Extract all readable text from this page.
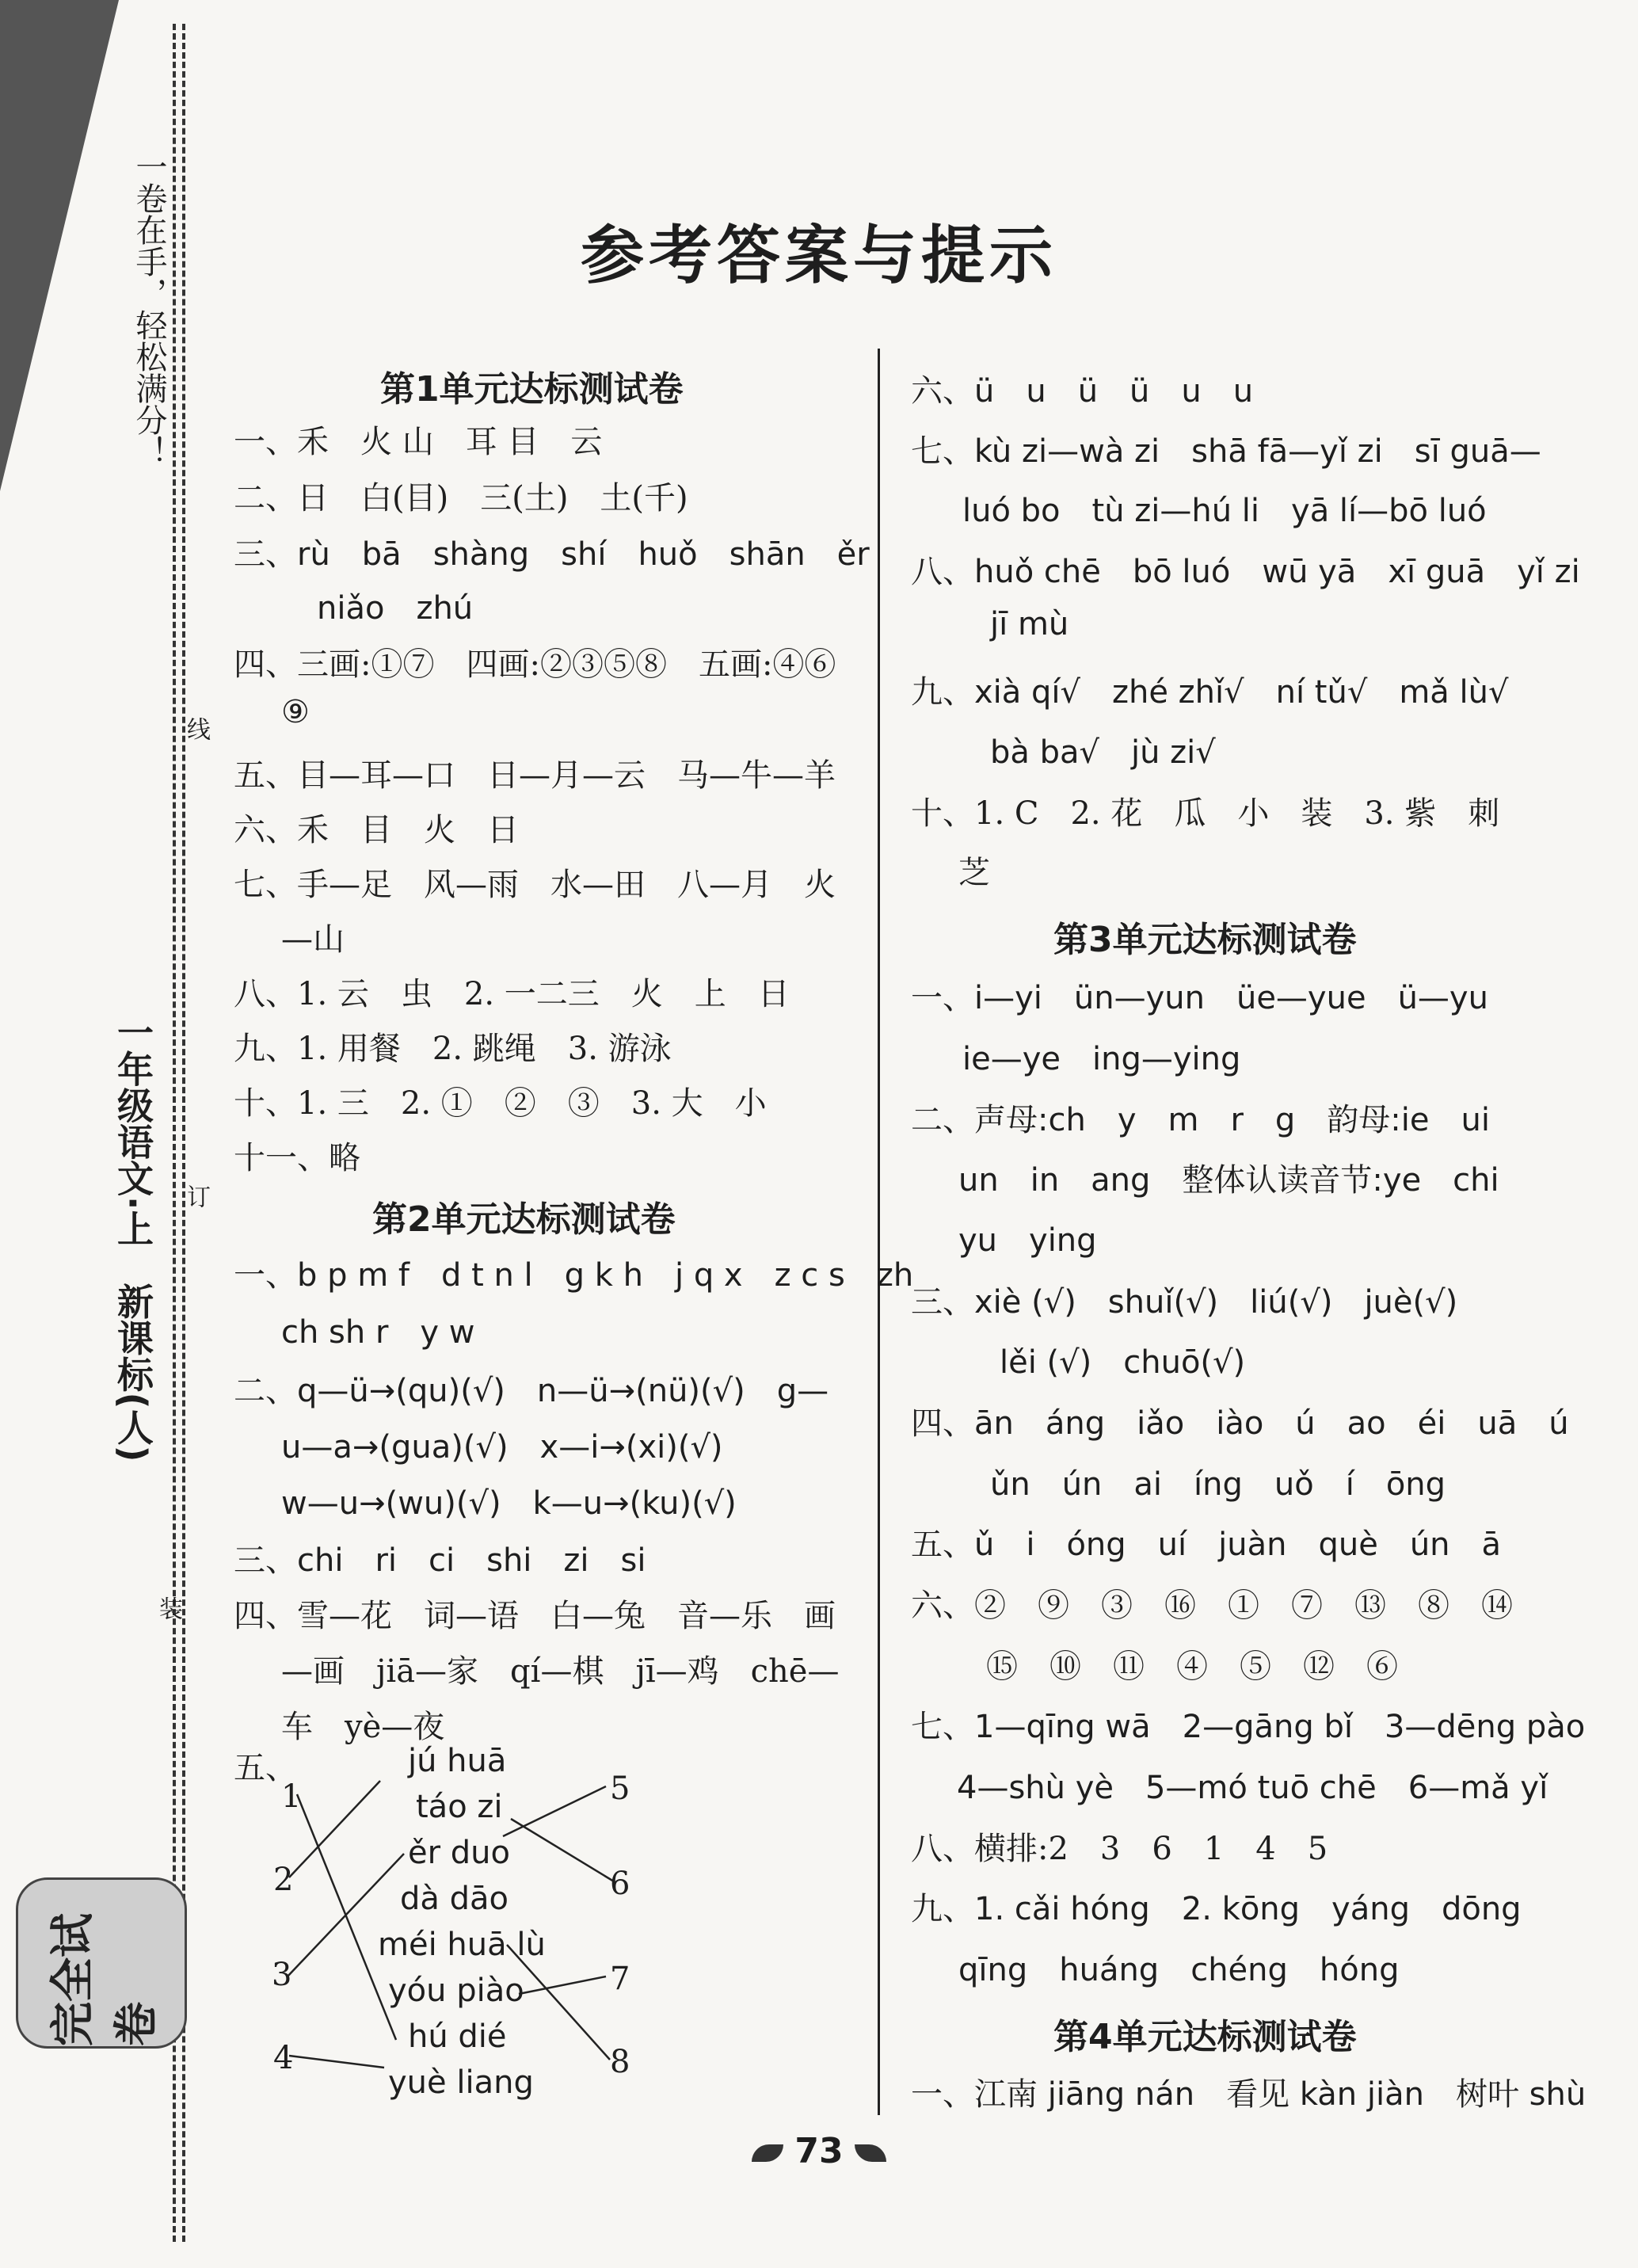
一卷在手，轻松满分！
一年级语文·上　新课标(人)
线
订
装
完全试卷
参考答案与提示
第1单元达标测试卷
一、禾　火 山　耳 目　云
二、日　白(目)　三(土)　土(千)
三、rù　bā　shàng　shí　huǒ　shān　ěr
niǎo　zhú
四、三画:①⑦　四画:②③⑤⑧　五画:④⑥
⑨
五、目—耳—口　日—月—云　马—牛—羊
六、禾　目　火　日
七、手—足　风—雨　水—田　八—月　火
—山
八、1. 云　虫　2. 一二三　火　上　日
九、1. 用餐　2. 跳绳　3. 游泳
十、1. 三　2. ①　②　③　3. 大　小
十一、略
第2单元达标测试卷
一、b p m f　d t n l　g k h　j q x　z c s　zh
ch sh r　y w
二、q—ü→(qu)(√)　n—ü→(nü)(√)　g—
u—a→(gua)(√)　x—i→(xi)(√)
w—u→(wu)(√)　k—u→(ku)(√)
三、chi　ri　ci　shi　zi　si
四、雪—花　词—语　白—兔　音—乐　画
—画　jiā—家　qí—棋　jī—鸡　chē—
车　yè—夜
五、
1
2
3
4
jú huā
táo zi
ěr duo
dà dāo
méi huā lù
yóu piào
hú dié
yuè liang
5
6
7
8
六、ü　u　ü　ü　u　u
七、kù zi—wà zi　shā fā—yǐ zi　sī guā—
luó bo　tù zi—hú li　yā lí—bō luó
八、huǒ chē　bō luó　wū yā　xī guā　yǐ zi
jī mù
九、xià qí√　zhé zhǐ√　ní tǔ√　mǎ lù√
bà ba√　jù zi√
十、1. C　2. 花　瓜　小　装　3. 紫　刺
芝
第3单元达标测试卷
一、i—yi　ün—yun　üe—yue　ü—yu
ie—ye　ing—ying
二、声母:ch　y　m　r　g　韵母:ie　ui
un　in　ang　整体认读音节:ye　chi
yu　ying
三、xiè (√)　shuǐ(√)　liú(√)　juè(√)
lěi (√)　chuō(√)
四、ān　áng　iǎo　iào　ú　ao　éi　uā　ú
ǔn　ún　ai　íng　uǒ　í　ōng
五、ǔ　i　óng　uí　juàn　què　ún　ā
六、②　⑨　③　⑯　①　⑦　⑬　⑧　⑭
⑮　⑩　⑪　④　⑤　⑫　⑥
七、1—qīng wā　2—gāng bǐ　3—dēng pào
4—shù yè　5—mó tuō chē　6—mǎ yǐ
八、横排:2　3　6　1　4　5
九、1. cǎi hóng　2. kōng　yáng　dōng
qīng　huáng　chéng　hóng
第4单元达标测试卷
一、江南 jiāng nán　看见 kàn jiàn　树叶 shù
73
